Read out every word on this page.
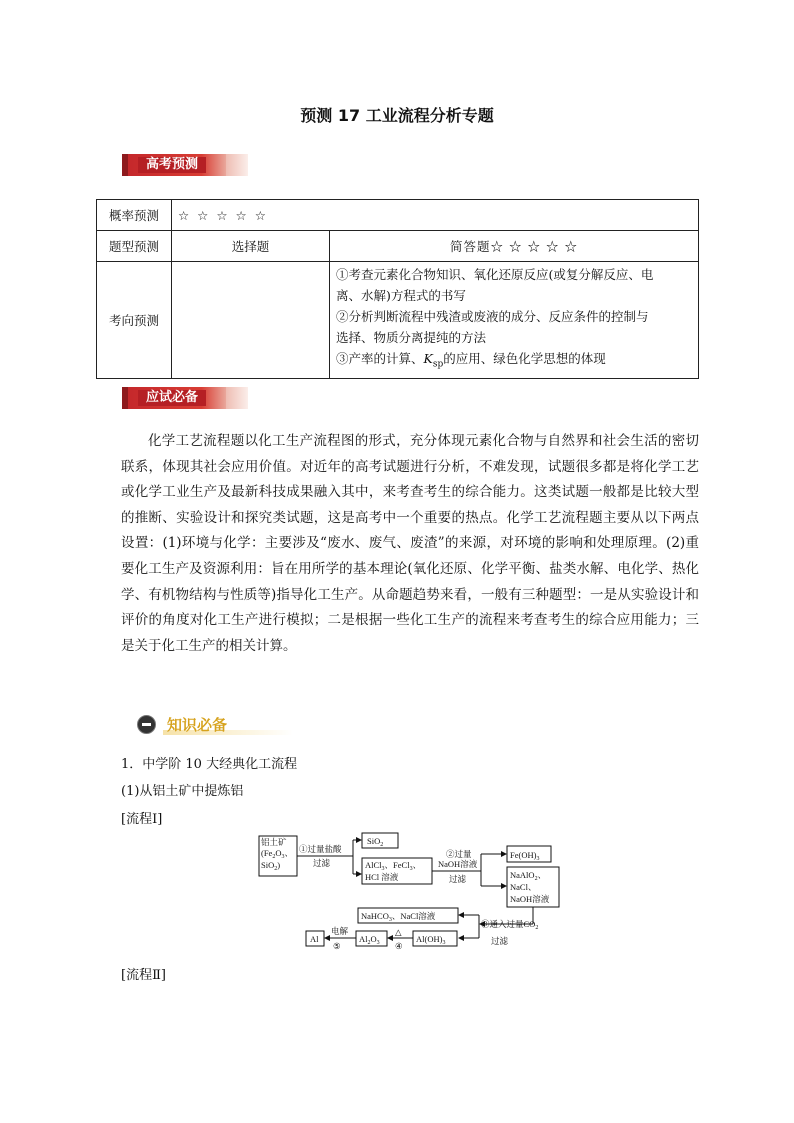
预测 17 工业流程分析专题
高考预测
概率预测	☆ ☆ ☆ ☆ ☆	
题型预测	选择题	简答题☆ ☆ ☆ ☆ ☆
考向预测		①考查元素化合物知识、氧化还原反应(或复分解反应、电
离、水解)方程式的书写
②分析判断流程中残渣或废液的成分、反应条件的控制与
选择、物质分离提纯的方法
③产率的计算、$K_{sp}$的应用、绿色化学思想的体现
应试必备
化学工艺流程题以化工生产流程图的形式，充分体现元素化合物与自然界和社会生活的密切联系，体现其社会应用价值。对近年的高考试题进行分析，不难发现，试题很多都是将化学工艺或化学工业生产及最新科技成果融入其中，来考查考生的综合能力。这类试题一般都是比较大型的推断、实验设计和探究类试题，这是高考中一个重要的热点。化学工艺流程题主要从以下两点设置：(1)环境与化学：主要涉及“废水、废气、废渣”的来源，对环境的影响和处理原理。(2)重要化工生产及资源利用：旨在用所学的基本理论(氧化还原、化学平衡、盐类水解、电化学、热化学、有机物结构与性质等)指导化工生产。从命题趋势来看，一般有三种题型：一是从实验设计和评价的角度对化工生产进行模拟；二是根据一些化工生产的流程来考查考生的综合应用能力；三是关于化工生产的相关计算。
知识必备
1．中学阶 10 大经典化工流程
(1)从铝土矿中提炼铝
[流程Ⅰ]
铝土矿
($Fe_2O_3$、
SiO$_2$)
①过量盐酸
过滤
SiO$_2$
AlCl$_3$、FeCl$_3$、
HCl 溶液
②过量
NaOH溶液
过滤
$Fe(OH)_3$
NaAlO$_2$、
NaCl、
NaOH溶液
NaHCO$_3$、NaCl溶液
③通入过量$CO_2$
过滤
$Al(OH)_3$
△
④
$Al_2O_3$
电解
⑤
Al
[流程Ⅱ]
